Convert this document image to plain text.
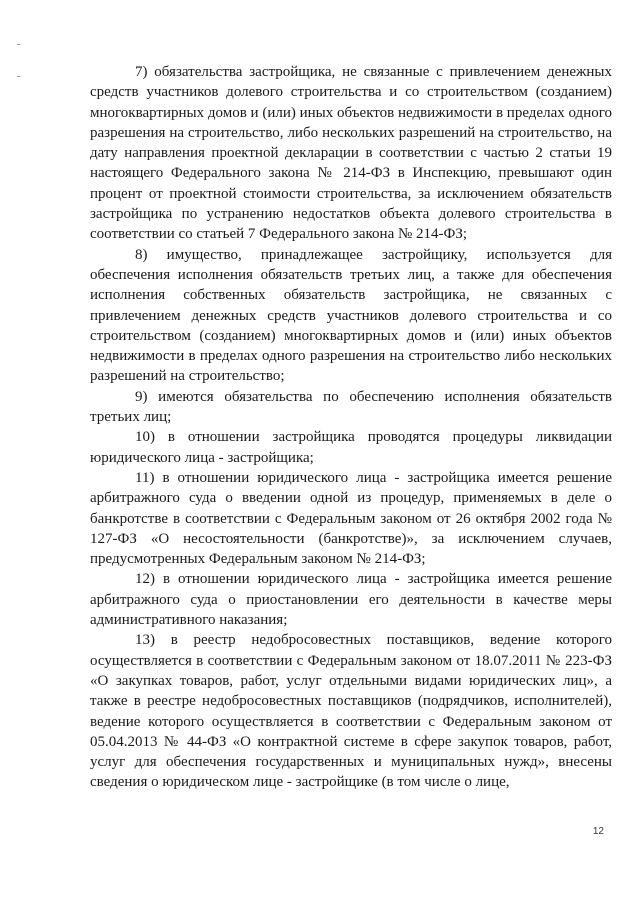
7) обязательства застройщика, не связанные с привлечением денежных средств участников долевого строительства и со строительством (созданием) многоквартирных домов и (или) иных объектов недвижимости в пределах одного разрешения на строительство, либо нескольких разрешений на строительство, на дату направления проектной декларации в соответствии с частью 2 статьи 19 настоящего Федерального закона № 214-ФЗ в Инспекцию, превышают один процент от проектной стоимости строительства, за исключением обязательств застройщика по устранению недостатков объекта долевого строительства в соответствии со статьей 7 Федерального закона № 214-ФЗ;

8) имущество, принадлежащее застройщику, используется для обеспечения исполнения обязательств третьих лиц, а также для обеспечения исполнения собственных обязательств застройщика, не связанных с привлечением денежных средств участников долевого строительства и со строительством (созданием) многоквартирных домов и (или) иных объектов недвижимости в пределах одного разрешения на строительство либо нескольких разрешений на строительство;

9) имеются обязательства по обеспечению исполнения обязательств третьих лиц;

10) в отношении застройщика проводятся процедуры ликвидации юридического лица - застройщика;

11) в отношении юридического лица - застройщика имеется решение арбитражного суда о введении одной из процедур, применяемых в деле о банкротстве в соответствии с Федеральным законом от 26 октября 2002 года № 127-ФЗ «О несостоятельности (банкротстве)», за исключением случаев, предусмотренных Федеральным законом № 214-ФЗ;

12) в отношении юридического лица - застройщика имеется решение арбитражного суда о приостановлении его деятельности в качестве меры административного наказания;

13) в реестр недобросовестных поставщиков, ведение которого осуществляется в соответствии с Федеральным законом от 18.07.2011 № 223-ФЗ «О закупках товаров, работ, услуг отдельными видами юридических лиц», а также в реестре недобросовестных поставщиков (подрядчиков, исполнителей), ведение которого осуществляется в соответствии с Федеральным законом от 05.04.2013 № 44-ФЗ «О контрактной системе в сфере закупок товаров, работ, услуг для обеспечения государственных и муниципальных нужд», внесены сведения о юридическом лице - застройщике (в том числе о лице,

12
